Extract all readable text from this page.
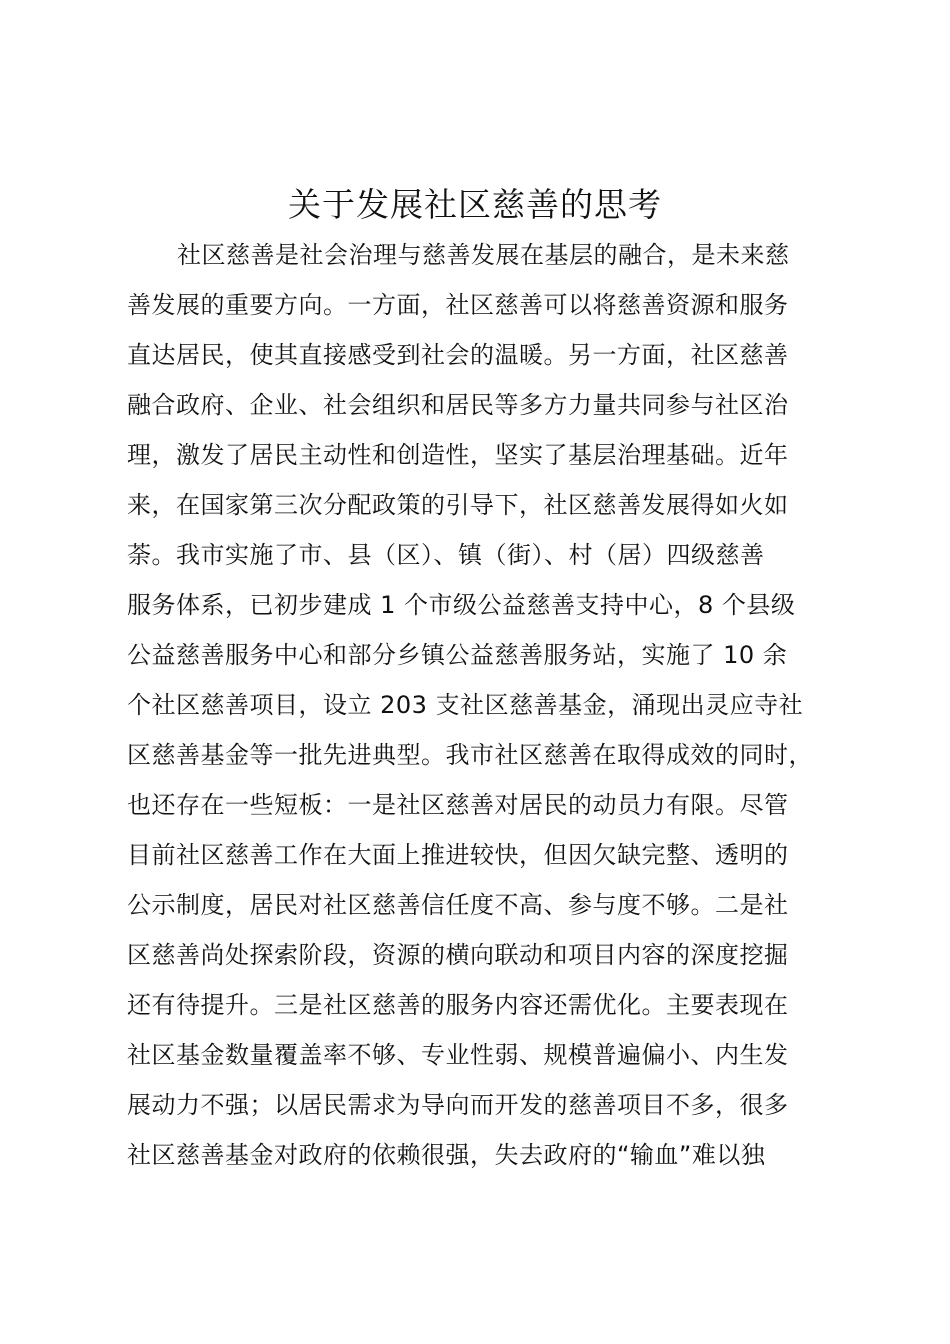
关于发展社区慈善的思考
社区慈善是社会治理与慈善发展在基层的融合，是未来慈
善发展的重要方向。一方面，社区慈善可以将慈善资源和服务
直达居民，使其直接感受到社会的温暖。另一方面，社区慈善
融合政府、企业、社会组织和居民等多方力量共同参与社区治
理，激发了居民主动性和创造性，坚实了基层治理基础。近年
来，在国家第三次分配政策的引导下，社区慈善发展得如火如
荼。我市实施了市、县（区）、镇（街）、村（居）四级慈善
服务体系，已初步建成 1 个市级公益慈善支持中心，8 个县级
公益慈善服务中心和部分乡镇公益慈善服务站，实施了 10 余
个社区慈善项目，设立 203 支社区慈善基金，涌现出灵应寺社
区慈善基金等一批先进典型。我市社区慈善在取得成效的同时，
也还存在一些短板：一是社区慈善对居民的动员力有限。尽管
目前社区慈善工作在大面上推进较快，但因欠缺完整、透明的
公示制度，居民对社区慈善信任度不高、参与度不够。二是社
区慈善尚处探索阶段，资源的横向联动和项目内容的深度挖掘
还有待提升。三是社区慈善的服务内容还需优化。主要表现在
社区基金数量覆盖率不够、专业性弱、规模普遍偏小、内生发
展动力不强；以居民需求为导向而开发的慈善项目不多，很多
社区慈善基金对政府的依赖很强，失去政府的“输血”难以独
